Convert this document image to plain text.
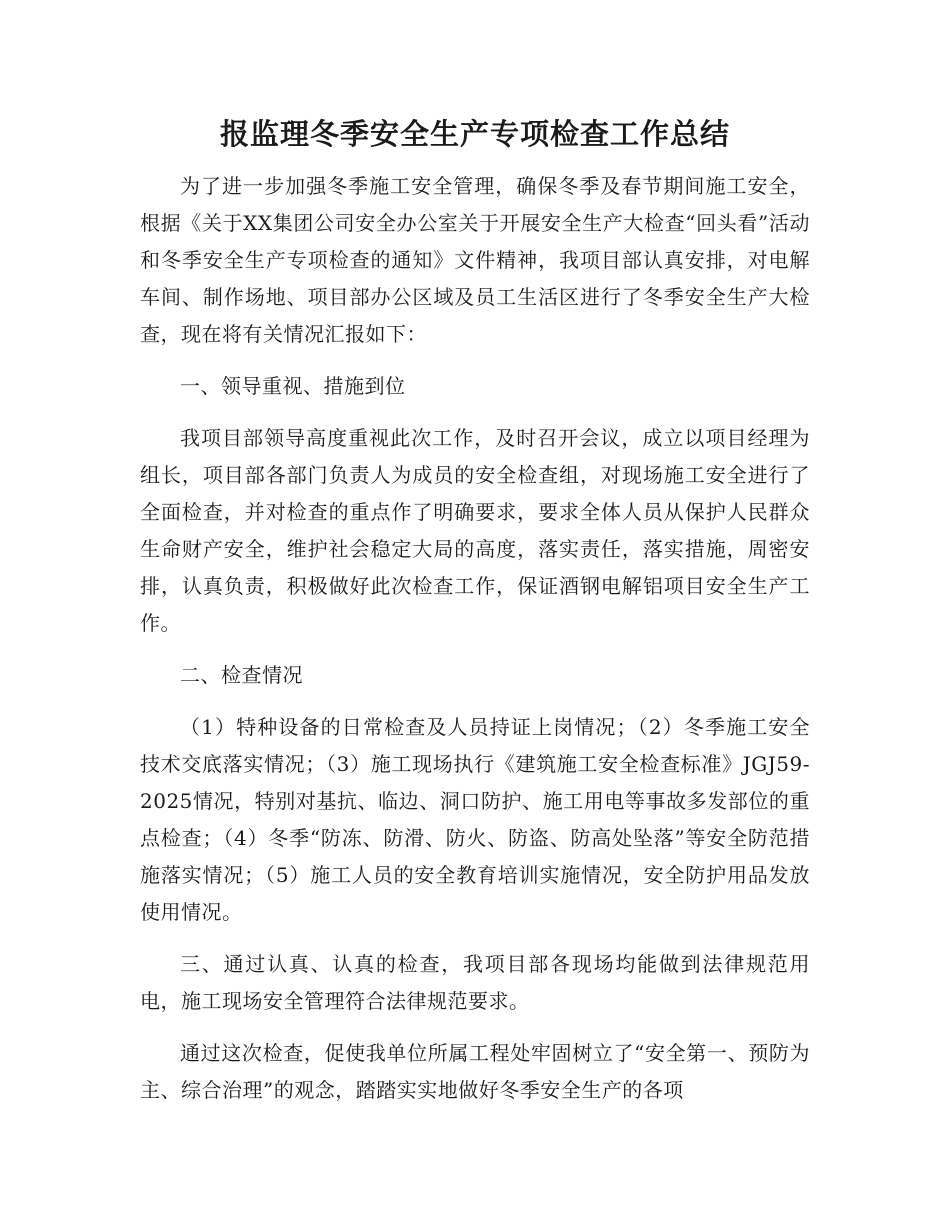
报监理冬季安全生产专项检查工作总结

为了进一步加强冬季施工安全管理，确保冬季及春节期间施工安全，根据《关于XX集团公司安全办公室关于开展安全生产大检查“回头看”活动和冬季安全生产专项检查的通知》文件精神，我项目部认真安排，对电解车间、制作场地、项目部办公区域及员工生活区进行了冬季安全生产大检查，现在将有关情况汇报如下：

一、领导重视、措施到位

我项目部领导高度重视此次工作，及时召开会议，成立以项目经理为组长，项目部各部门负责人为成员的安全检查组，对现场施工安全进行了全面检查，并对检查的重点作了明确要求，要求全体人员从保护人民群众生命财产安全，维护社会稳定大局的高度，落实责任，落实措施，周密安排，认真负责，积极做好此次检查工作，保证酒钢电解铝项目安全生产工作。

二、检查情况

（1）特种设备的日常检查及人员持证上岗情况；（2）冬季施工安全技术交底落实情况；（3）施工现场执行《建筑施工安全检查标准》JGJ59-2025情况，特别对基抗、临边、洞口防护、施工用电等事故多发部位的重点检查；（4）冬季“防冻、防滑、防火、防盗、防高处坠落”等安全防范措施落实情况；（5）施工人员的安全教育培训实施情况，安全防护用品发放使用情况。

三、通过认真、认真的检查，我项目部各现场均能做到法律规范用电，施工现场安全管理符合法律规范要求。

通过这次检查，促使我单位所属工程处牢固树立了“安全第一、预防为主、综合治理”的观念，踏踏实实地做好冬季安全生产的各项
